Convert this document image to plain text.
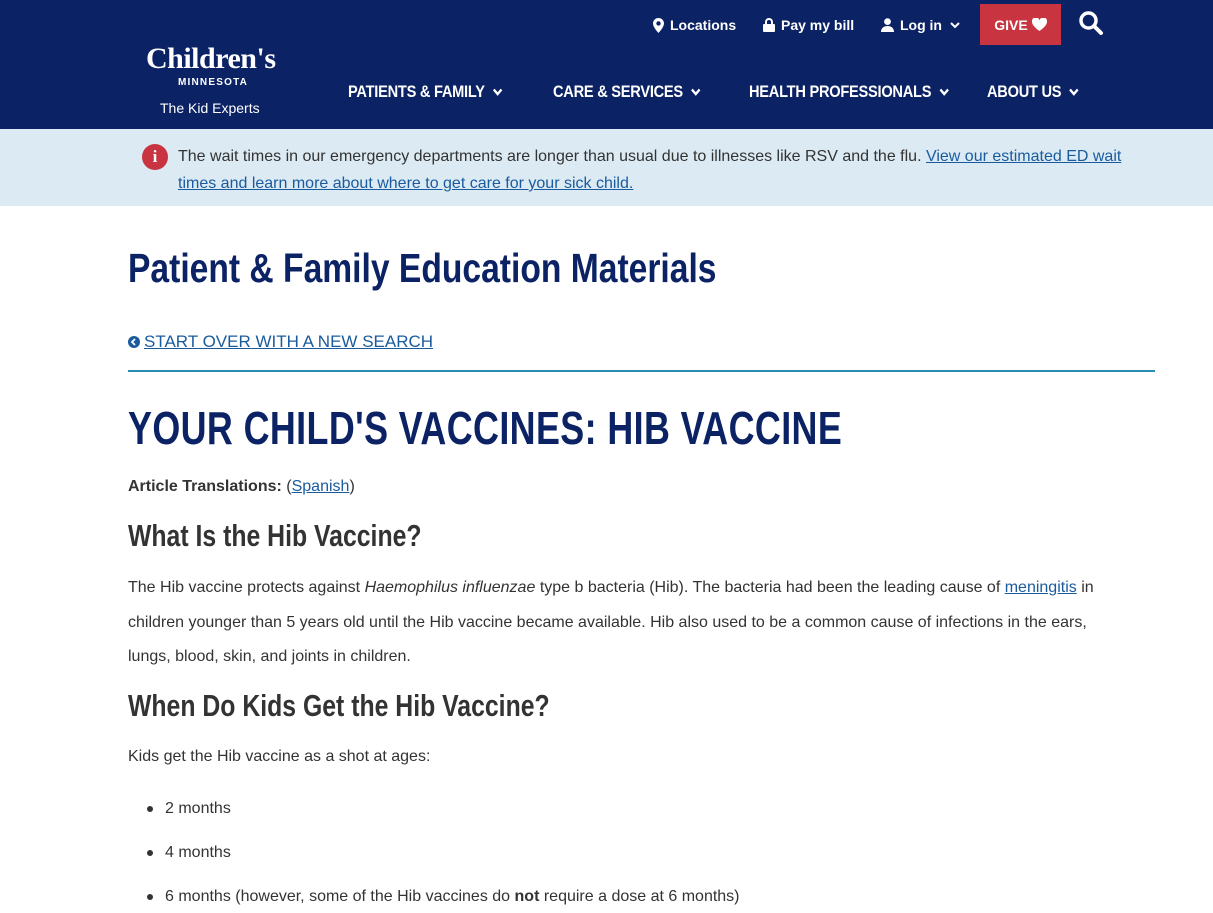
Children's
MINNESOTA
The Kid Experts
Locations	Pay my bill	Log in	GIVE
PATIENTS & FAMILY	CARE & SERVICES	HEALTH PROFESSIONALS	ABOUT US
i	The wait times in our emergency departments are longer than usual due to illnesses like RSV and the flu. View our estimated ED wait times and learn more about where to get care for your sick child.
Patient & Family Education Materials
START OVER WITH A NEW SEARCH
YOUR CHILD'S VACCINES: HIB VACCINE
Article Translations: (Spanish)
What Is the Hib Vaccine?

The Hib vaccine protects against Haemophilus influenzae type b bacteria (Hib). The bacteria had been the leading cause of meningitis in children younger than 5 years old until the Hib vaccine became available. Hib also used to be a common cause of infections in the ears, lungs, blood, skin, and joints in children.

When Do Kids Get the Hib Vaccine?

Kids get the Hib vaccine as a shot at ages:

2 months
4 months
6 months (however, some of the Hib vaccines do not require a dose at 6 months)
